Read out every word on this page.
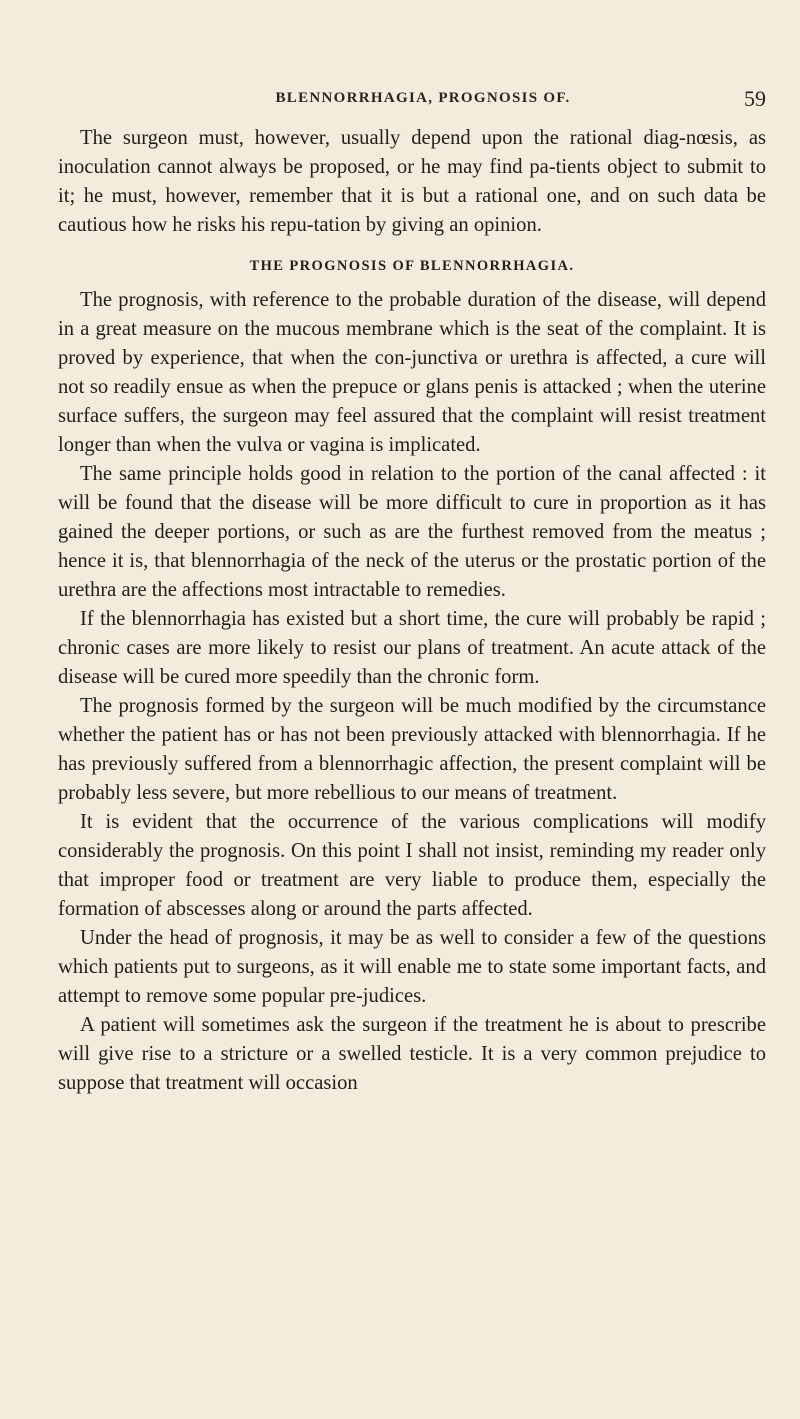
BLENNORRHAGIA, PROGNOSIS OF.	59

The surgeon must, however, usually depend upon the rational diag-nœsis, as inoculation cannot always be proposed, or he may find pa-tients object to submit to it; he must, however, remember that it is but a rational one, and on such data be cautious how he risks his repu-tation by giving an opinion.

THE PROGNOSIS OF BLENNORRHAGIA.

The prognosis, with reference to the probable duration of the disease, will depend in a great measure on the mucous membrane which is the seat of the complaint. It is proved by experience, that when the con-junctiva or urethra is affected, a cure will not so readily ensue as when the prepuce or glans penis is attacked ; when the uterine surface suffers, the surgeon may feel assured that the complaint will resist treatment longer than when the vulva or vagina is implicated.

The same principle holds good in relation to the portion of the canal affected : it will be found that the disease will be more difficult to cure in proportion as it has gained the deeper portions, or such as are the furthest removed from the meatus ; hence it is, that blennorrhagia of the neck of the uterus or the prostatic portion of the urethra are the affections most intractable to remedies.

If the blennorrhagia has existed but a short time, the cure will probably be rapid ; chronic cases are more likely to resist our plans of treatment. An acute attack of the disease will be cured more speedily than the chronic form.

The prognosis formed by the surgeon will be much modified by the circumstance whether the patient has or has not been previously attacked with blennorrhagia. If he has previously suffered from a blennorrhagic affection, the present complaint will be probably less severe, but more rebellious to our means of treatment.

It is evident that the occurrence of the various complications will modify considerably the prognosis. On this point I shall not insist, reminding my reader only that improper food or treatment are very liable to produce them, especially the formation of abscesses along or around the parts affected.

Under the head of prognosis, it may be as well to consider a few of the questions which patients put to surgeons, as it will enable me to state some important facts, and attempt to remove some popular pre-judices.

A patient will sometimes ask the surgeon if the treatment he is about to prescribe will give rise to a stricture or a swelled testicle. It is a very common prejudice to suppose that treatment will occasion
